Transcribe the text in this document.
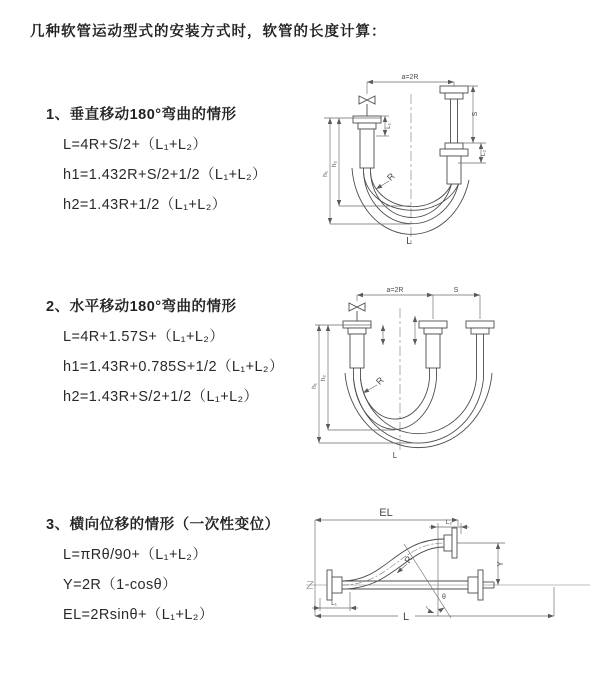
几种软管运动型式的安装方式时，软管的长度计算：

1、垂直移动180°弯曲的情形

L=4R+S/2+（L₁+L₂）

h1=1.432R+S/2+1/2（L₁+L₂）

h2=1.43R+1/2（L₁+L₂）

2、水平移动180°弯曲的情形

L=4R+1.57S+（L₁+L₂）

h1=1.43R+0.785S+1/2（L₁+L₂）

h2=1.43R+S/2+1/2（L₁+L₂）

3、横向位移的情形（一次性变位）

L=πRθ/90+（L₁+L₂）

Y=2R（1-cosθ）

EL=2Rsinθ+（L₁+L₂）

a=2R
S
L₂
L₁
h₁
h₂
R
L
a=2R	S
h₁
h₂	R
L
θ
R
EL
L₂
Y
L₁
L
